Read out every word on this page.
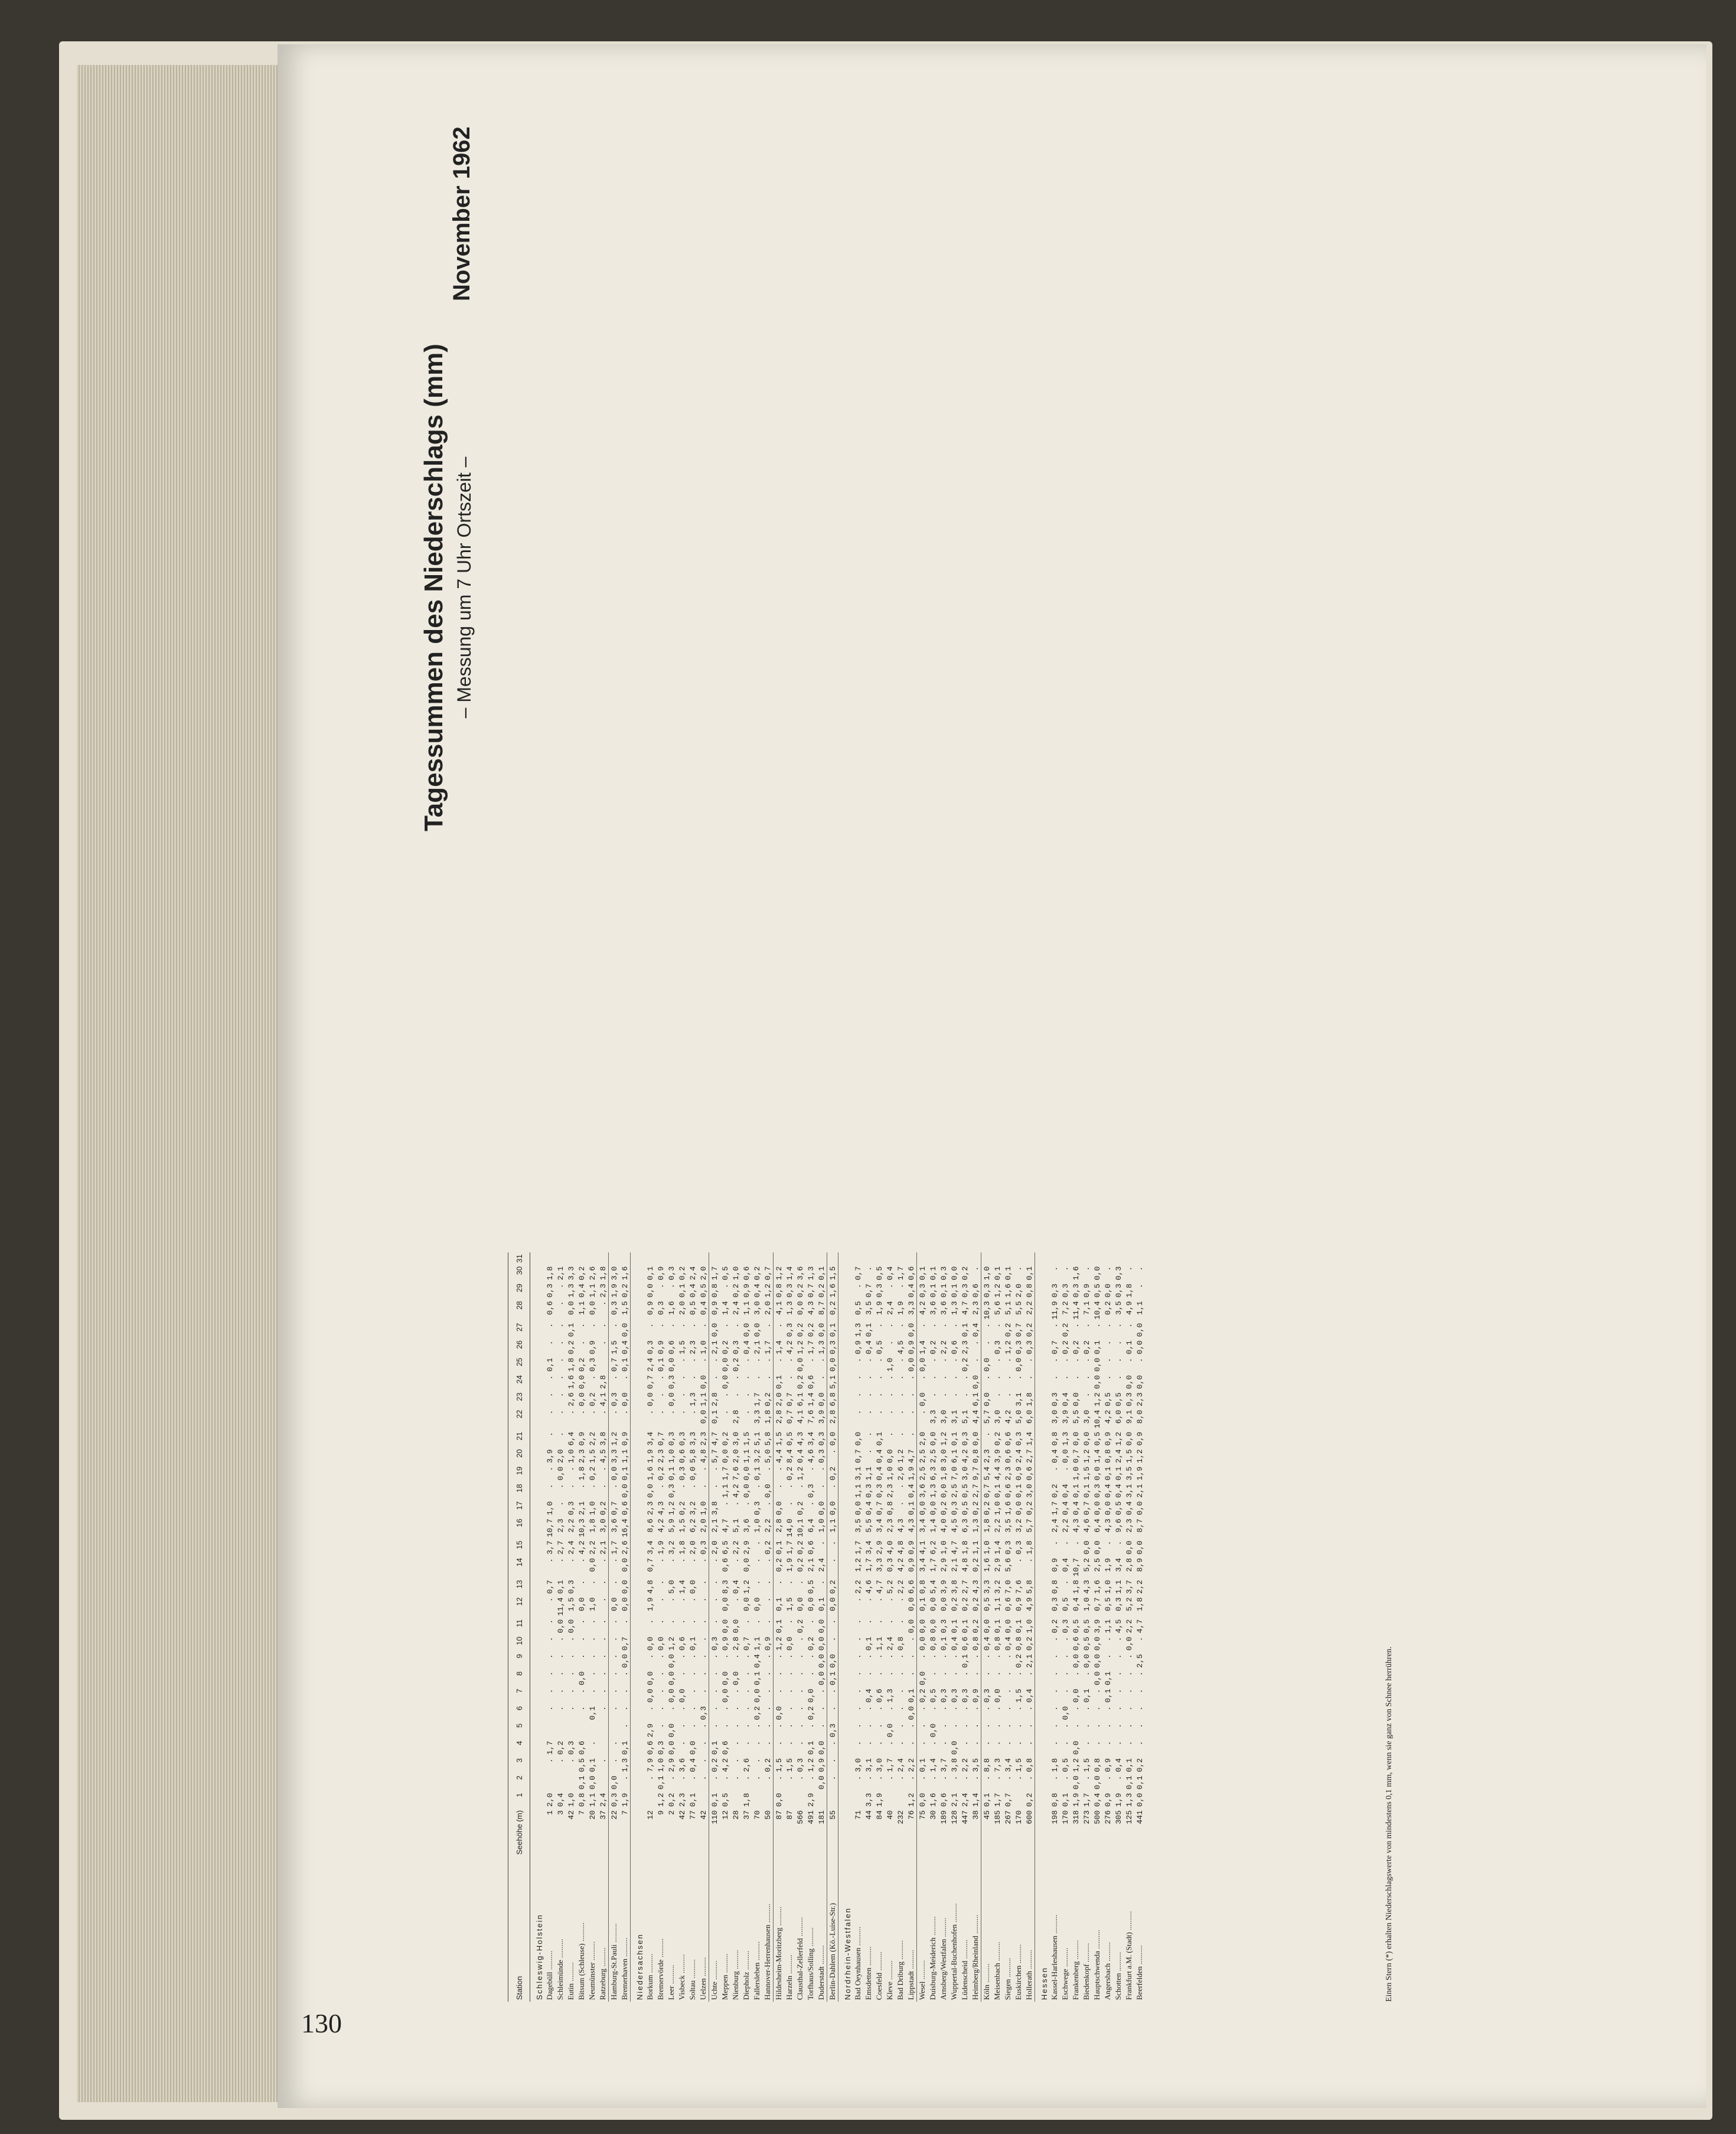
130
Tagessummen des Niederschlags (mm) – Messung um 7 Uhr Ortszeit –
Station	Seehöhe (m)	1	2	3	4	5	6	7	8	9	10	11	12	13	14	15	16	17	18	19	20	21	22	23	24	25	26	27	28	29	30	31
Schleswig-Holstein																																
Dagebüll ..........	1	2,0		.	1,7		.	.	.	.	.	.	.	0,7	.	3,7	10,7	1,0	.	.	3,9	.	.	.	.	0,1	.	.	0,6	0,3	1,8	
Schleimünde ..........	3	0,4		.	0,2		.	.	.	.	.	0,0	11,4	0,1	.	2,7	2,3	.	.	0,0	2,0	.	.	.	.	.	.	.	.	.	2,1	
Eutin ..........	42	1,0		.	0,3		.	.	.	.	.	0,0	1,5	0,3	.	2,4	2,2	0,3	.	.	1,0	6,4	.	2,6	1,6	1,8	0,2	0,1	0,0	1,3	3,3	
Bitsum (Schleuse) ..........	7	0,8	0,1	0,5	0,6		.	.	0,0	.	.	.	0,0	.	.	4,2	10,3	2,1	.	1,8	2,3	0,9	.	0,0	0,0	0,2	.	.	1,1	0,4	0,2	
Neumünster ..........	20	1,1	0,0	0,1	.		0,1	.	.	.	.	.	1,0	.	0,0	2,2	1,8	1,0	.	0,2	1,5	2,2	.	0,2	.	0,3	0,9	.	0,0	1,1	2,6	
Ratzeburg ..........	37	2,4		.			.	.	.	.	.	.	.	.	.	2,1	3,0	0,2	.	.	4,5	3,8	.	4,1	2,8		.	.	.	2,3	1,8	
Hamburg-St.Pauli ..........	22	0,3	0,0	.	.		.	.	.	.	.	.	0,0	.	.	1,7	3,6	0,7	.	0,0	3,3	1,2	.	0,3	.	0,7	1,5	.	0,3	1,9	3,0	
Bremerhaven ..........	7	1,9	.	1,3	0,1	.	.	.	.	0,0	0,7	.	0,0	0,0	0,0	2,6	16,4	0,6	0,0	0,1	1,1	0,9	.	0,0	.	0,1	0,4	0,0	1,5	0,2	1,6	
Niedersachsen																																
Borkum ..........	12		.	7,9	0,6	2,9	.	0,0	0,0	.	0,0	.	1,9	4,8	0,7	3,4	8,6	2,3	0,0	1,6	1,9	3,4	.	0,0	0,7	2,4	0,3	.	0,9	0,0	0,1	
Bremervörde ..........	9	1,2	0,1	1,0	0,3	.	.	.	.	.	0,0	.	.	.	.	1,9	4,2	4,3	.	0,2	2,3	0,7	.	.	.	0,1	0,9	.	0,3	.	0,9	
Leer ..........	2	0,2	.	2,9	0,0	0,0	.	0,0	0,0	0,0	1,2	.	.	5,0	.	3,2	5,9	1,2	0,3	0,1	1,0	0,3	.	0,0	0,3	0,0	0,6	.	1,6	.	0,3	
Visbeck ..........	42	2,3	.	3,6	.	.	.	0,0	.	.	0,6	.	.	1,4	.	1,8	1,5	0,2	.	0,3	0,6	0,3	.	.	.	.	1,5	.	2,0	0,1	0,2	
Soltau ..........	77	0,1	.	0,4	0,0	.	.	.	.	.	0,1	.	.	0,0	.	2,0	6,2	3,2	.	0,0	5,8	3,3	.	1,3	.	.	2,3	.	0,5	0,4	2,4	
Uelzen ..........	42		.	.	.	.	0,3	.	.	.	.	.	.	.	.	0,3	2,0	1,0	.	.	4,8	2,3	0,0	1,1	0,0	.	1,0	.	0,4	0,5	2,0	
Uchte ..........	110	0,1	.	0,2	0,1	.	.	.	.	.	0,3	.	.	.	.	2,0	2,1	3,8	.	.	5,7	4,7	0,1	2,8	.	.	2,1	0,0	0,9	0,8	1,7	
Meppen ..........	12	0,5	.	4,2	0,6	.	.	0,0	0,0	.	0,9	0,0	0,0	8,3	0,6	6,5	4,7	.	1,1	1,7	0,0	0,2	.	.	0,0	0,0	0,2	.	1,4	.	0,5	
Nienburg ..........	28		.	.	.	.	.	.	0,0	.	2,8	0,0	.	0,4	.	2,2	5,1	.	4,2	7,6	2,0	3,0	2,8	.	.	0,2	0,3	.	2,4	0,2	1,0	
Diepholz ..........	37	1,8	.	2,6	.	.	.	.	.	.	0,7	.	0,0	1,2	0,0	2,9	3,6	.	0,0	0,0	1,1	1,5	.	.	.	.	0,4	0,0	1,1	0,9	0,6	
Fallersleben ..........	70		.	.	.	.	0,2	0,0	0,1	0,4	1,1	.	0,0	.	.	.	1,0	0,3	.	0,1	3,2	5,1	3,3	1,7	.	.	2,1	0,0	3,0	0,4	0,2	
Hannover-Herrenhausen ..........	50		.	0,2	.	.	.	.	.	.	0,9	.	.	.	.	0,2	2,2	.	0,0	.	5,0	5,8	1,8	0,2	.	.	1,7	.	2,0	1,2	0,7	
Hildesheim-Moritzberg ..........	87	0,0	.	1,5	.	.	0,0	.	.	.	1,2	0,1	0,1	.	0,2	0,1	2,8	0,0	.	.	4,4	1,5	2,8	2,0	0,1	.	1,4	.	4,1	0,8	1,2	
Harzeln ..........	87		.	1,5	.	.	.	.	.	.	0,0	.	1,5	.	1,9	1,7	14,0	.	.	0,2	8,4	0,5	0,7	0,7	.	.	4,2	0,3	1,3	0,3	1,4	
Clausthal-Zellerfeld ..........	566		.	0,3	.	.	.	.	.	.	.	0,2	0,0	.	0,2	0,2	10,1	0,2	.	1,2	0,4	4,3	4,1	6,1	0,2	0,0	1,2	0,2	0,0	0,2	3,6	
Torfhaus/Solling ..........	491	2,9	.	1,2	0,1	.	0,2	0,0	.	.	0,2	.	0,0	0,5	2,1	0,6	6,4	.	0,3	.	4,6	3,4	7,6	1,4	0,6	.	1,7	0,2	4,3	0,7	1,3	
Duderstadt ..........	181		0,0	0,9	0,0	.	.	.	0,0	0,0	0,0	0,0	0,1	.	2,4	.	1,0	0,0	.	.	0,3	0,3	3,9	0,0	.	.	1,3	0,0	8,7	0,2	0,1	
Berlin-Dahlem (Kö.-Luise-Str.)	55		.	.	.	0,3	.	.	0,1	0,0	.	.	0,0	0,2	.	.	1,1	0,0	.	0,2	.	0,0	2,8	6,8	5,1	0,0	0,3	0,1	0,2	1,6	1,5	
Nordrhein-Westfalen																																
Bad Oeynhausen ..........	71		.	3,0	.	.	.	.	.	.	.	.	.	2,2	1,2	1,7	3,5	0,0	1,1	3,1	0,7	0,0	.	.	.	.	0,9	1,3	0,5	.	0,7	
Emsdetten ..........	44	3,3	.	3,1	.	.	.	0,4	.	.	0,1	.	.	4,6	1,7	3,4	5,5	0,4	0,3	1,1	.	.	.	.	.	.	0,4	0,1	3,5	0,7	.	
Coesfeld ..........	84	1,9	.	3,0	.	.	.	0,6	.	.	1,1	.	.	4,7	3,3	2,9	3,4	0,7	0,3	0,4	0,4	0,1	.	.	.	.	0,5	.	1,9	0,3	0,5	
Kleve ..........	40		.	1,7	.	0,0	.	1,3	.	.	2,4	.	.	5,2	0,3	4,0	2,3	0,8	2,3	1,0	0,0	.	.	.	.	1,0	.	.	2,4	.	0,4	
Bad Driburg ..........	232		.	2,4	.	.	.	.	.	.	0,8	.	.	2,2	4,2	4,8	4,3	.	.	2,6	1,2	.	.	.	.	.	4,5	.	1,9	.	1,7	
Lippstadt ..........	76	1,2	.	2,2	.	.	0,0	0,1	.	.	.	0,0	0,0	6,6	0,9	0,9	4,3	0,1	0,4	1,9	4,7	.	.	.	.	0,0	0,9	0,0	3,3	0,4	0,6	
Wesel ..........	75	0,0	.	0,1	.	.	.	0,2	0,0	.	0,0	0,0	0,1	0,8	3,4	4,1	3,4	0,0	3,6	2,5	2,5	2,0	.	0,0	.	0,0	1,4	.	4,2	0,3	0,1	
Duisburg-Meiderich ..........	30	1,6	.	1,4	.	0,0	.	0,5	.	.	0,8	0,0	0,0	5,4	1,7	6,2	1,4	0,0	1,3	6,3	2,5	0,0	3,3	.	.	.	0,2	.	3,6	0,1	0,1	
Arnsberg/Westfalen ..........	189	0,6	.	3,7	.	.	.	0,3	.	.	0,1	0,3	0,0	3,9	2,9	1,0	4,0	0,2	0,0	1,8	3,0	1,2	3,0	.	.	.	2,2	.	3,6	0,1	0,3	
Wuppertal-Buchenhofen ..........	128	2,1	.	3,8	0,0	.	.	0,3	.	.	0,4	0,1	0,2	3,8	2,1	4,7	4,5	0,3	2,5	7,0	6,1	0,1	3,1	.	.	.	0,6	.	1,3	0,1	0,0	
Lüdenscheid ..........	447	2,4	.	2,2	.	.	.	0,3	.	0,1	0,6	0,1	0,2	2,7	4,8	1,8	6,3	0,5	0,5	3,0	4,2	0,3	5,1	.	.	0,2	2,3	0,1	4,7	0,3	0,2	
Heimberg/Rheinland ..........	38	1,4	.	3,5	.	.	.	0,9	.	.	0,8	0,2	0,2	4,3	0,2	1,1	1,3	0,2	2,7	9,7	0,8	0,0	4,4	6,1	0,0	.	.	0,4	2,3	0,6	.	
Köln ..........	45	0,1	.	8,8	.	.	.	0,3	.	.	0,4	0,0	0,5	3,3	1,6	1,0	1,8	0,2	0,7	5,4	2,3	.	5,7	0,0	.	0,0	.	.	10,3	0,3	1,0	
Meisenbach ..........	185	1,7	.	7,3	.	.	.	0,0	.	.	0,8	0,1	1,1	3,2	2,9	1,4	2,2	1,0	0,1	4,4	3,9	0,2	3,0	.	.	.	0,3	.	5,6	1,2	0,1	
Siegen ..........	267	0,7	.	3,4	.	.	.	.	.	.	0,4	0,0	0,6	7,0	5,6	0,3	3,5	1,6	0,6	2,3	0,6	0,6	4,2	.	.	.	1,2	0,2	5,1	1,6	0,1	
Euskirchen ..........	170		.	1,5	.	.	.	1,5	.	0,2	0,8	0,1	0,9	7,6	.	0,3	3,2	0,0	0,1	0,9	2,4	0,3	5,0	3,1	.	0,0	0,3	0,7	5,5	2,0	.	
Hollerath ..........	600	0,2	.	0,8	.	.	.	0,4	.	2,1	0,2	1,0	4,9	5,8	.	1,8	5,7	0,2	3,0	0,6	2,7	1,4	6,0	1,8	.	.	0,3	0,2	2,2	0,8	0,1	
Hessen																																
Kassel-Harleshausen ..........	198	0,8	.	1,8	.	.	.	.	.	.	.	0,2	0,3	0,8	0,9	.	2,4	1,7	0,2	.	0,4	0,8	3,0	0,3	.	.	0,7	.	11,9	0,3	.	
Eschwege ..........	170	0,1	.	0,5	.	.	0,0	.	.	.	.	0,3	0,5	.	0,4	.	2,2	0,4	0,4	.	0,0	1,3	3,9	0,4	.	.	0,2	0,2	7,2	0,3	.	
Frankenberg ..........	318	1,9	0,0	1,2	0,0	.	.	0,0	.	0,0	0,6	0,5	0,4	1,8	10,7	.	4,3	0,4	0,1	1,0	0,7	0,0	5,5	0,0	.	.	0,2	.	11,4	0,3	1,6	
Biedenkopf ..........	273	1,7	.	1,5	.	.	.	0,1	.	0,0	0,5	0,5	1,0	4,3	5,2	0,0	4,6	0,7	0,1	1,5	1,2	0,0	3,0	.	.	.	0,2	.	7,1	0,9	.	
Hauptschwenda ..........	500	0,4	0,0	0,8	.	.	.	.	0,0	0,0	0,0	3,9	0,7	1,6	2,5	0,0	6,4	0,0	0,3	0,0	1,4	0,5	10,4	1,2	0,0	0,0	0,1	.	10,4	0,5	0,0	
Angersbach ..........	276	0,9	.	0,9	.	.	.	0,1	0,1	.	.	1,1	0,5	1,0	1,9	.	4,3	0,0	0,4	0,1	0,8	0,9	4,2	0,5	.	.	.	.	0,2	0,0	.	
Schotten ..........	305	1,9	.	0,4	.	.	.	.	.	.	.	4,5	0,3	1,1	3,4	.	9,6	0,5	0,4	0,1	2,4	1,2	6,0	0,5	.	.	.	.	3,5	0,3	0,3	
Frankfurt a.M. (Stadt) ..........	125	1,3	0,1	0,1	.	.	.	.	.	.	0,0	2,2	5,2	3,7	2,8	0,0	2,3	0,4	3,1	3,5	1,5	0,0	9,1	0,3	0,0	.	0,1	.	4,9	1,8	.	
Beerfelden ..........	441	0,0	0,1	0,2	.	.	.	.	.	2,5	.	4,7	1,8	2,2	8,9	0,0	8,7	0,0	2,1	1,9	1,2	0,9	8,0	2,3	0,0	.	0,0	0,0	1,1	.	.	
